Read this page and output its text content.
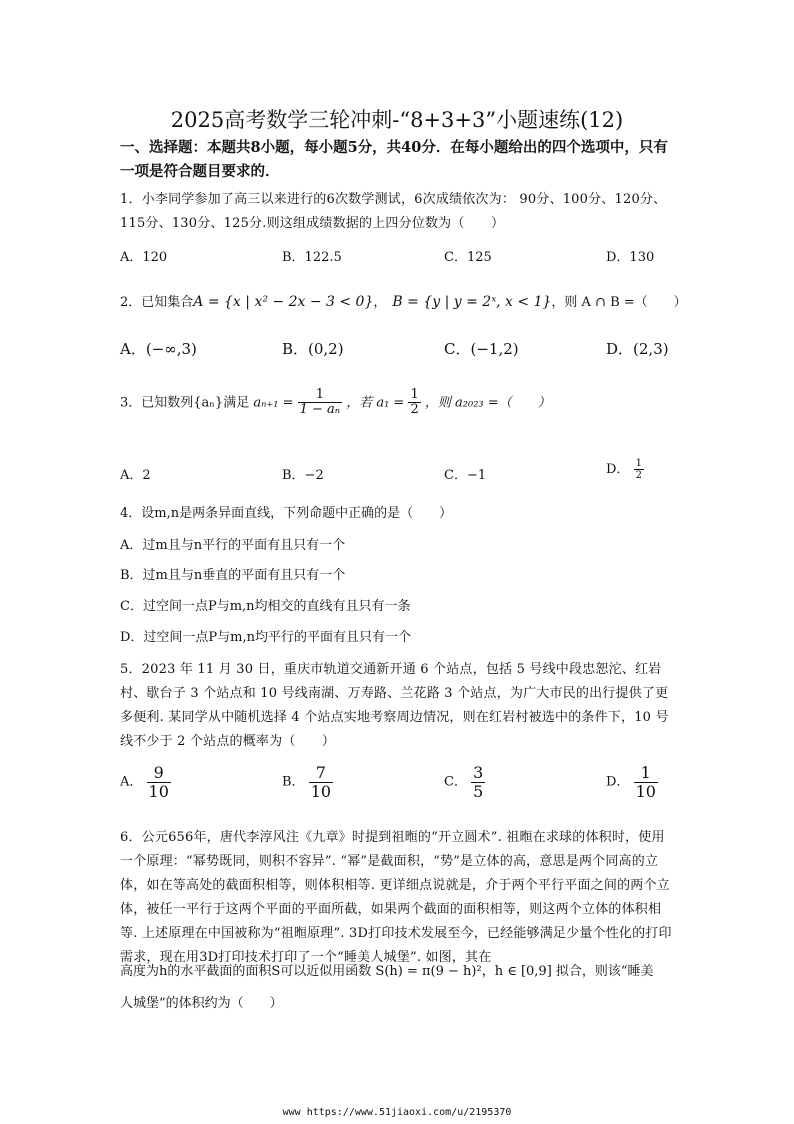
2025高考数学三轮冲刺-“8+3+3”小题速练(12)
一、选择题：本题共8小题，每小题5分，共40分．在每小题给出的四个选项中，只有一项是符合题目要求的．
1．小李同学参加了高三以来进行的6次数学测试，6次成绩依次为： 90分、100分、120分、115分、130分、125分.则这组成绩数据的上四分位数为（　　）
A．120	B．122.5	C．125	D．130
2．已知集合A = {x | x² − 2x − 3 < 0}， B = {y | y = 2ˣ, x < 1}，则 A ∩ B =（　　）
A．(−∞,3)	B．(0,2)	C．(−1,2)	D．(2,3)
3．已知数列{aₙ}满足 $a_{n+1} = \frac{1}{\text{1 − aₙ}}$ ，若 $a_1 = \frac{1}{2}$ ，则 a₂₀₂₃ =（　　）
A．2	B．−2	C．−1	D． $\frac{1}{2}$
4．设m,n是两条异面直线，下列命题中正确的是（　　）
A．过m且与n平行的平面有且只有一个
B．过m且与n垂直的平面有且只有一个
C．过空间一点P与m,n均相交的直线有且只有一条
D．过空间一点P与m,n均平行的平面有且只有一个
5．2023 年 11 月 30 日，重庆市轨道交通新开通 6 个站点，包括 5 号线中段忠恕沱、红岩村、歇台子 3 个站点和 10 号线南湖、万寿路、兰花路 3 个站点，为广大市民的出行提供了更多便利. 某同学从中随机选择 4 个站点实地考察周边情况，则在红岩村被选中的条件下，10 号线不少于 2 个站点的概率为（　　）
A． $\frac{9}{10}$	B． $\frac{7}{10}$	C． $\frac{3}{5}$	D． $\frac{1}{10}$
6．公元656年，唐代李淳风注《九章》时提到祖暅的“开立圆术”. 祖暅在求球的体积时，使用一个原理：“幂势既同，则积不容异”. “幂”是截面积，“势”是立体的高，意思是两个同高的立体，如在等高处的截面积相等，则体积相等. 更详细点说就是，介于两个平行平面之间的两个立体，被任一平行于这两个平面的平面所截，如果两个截面的面积相等，则这两个立体的体积相等. 上述原理在中国被称为“祖暅原理”. 3D打印技术发展至今，已经能够满足少量个性化的打印需求，现在用3D打印技术打印了一个“睡美人城堡”. 如图，其在
高度为h的水平截面的面积S可以近似用函数 S(h) = π(9 − h)²，h ∈ [0,9] 拟合，则该“睡美
人城堡”的体积约为（　　）
www https://www.51jiaoxi.com/u/2195370
